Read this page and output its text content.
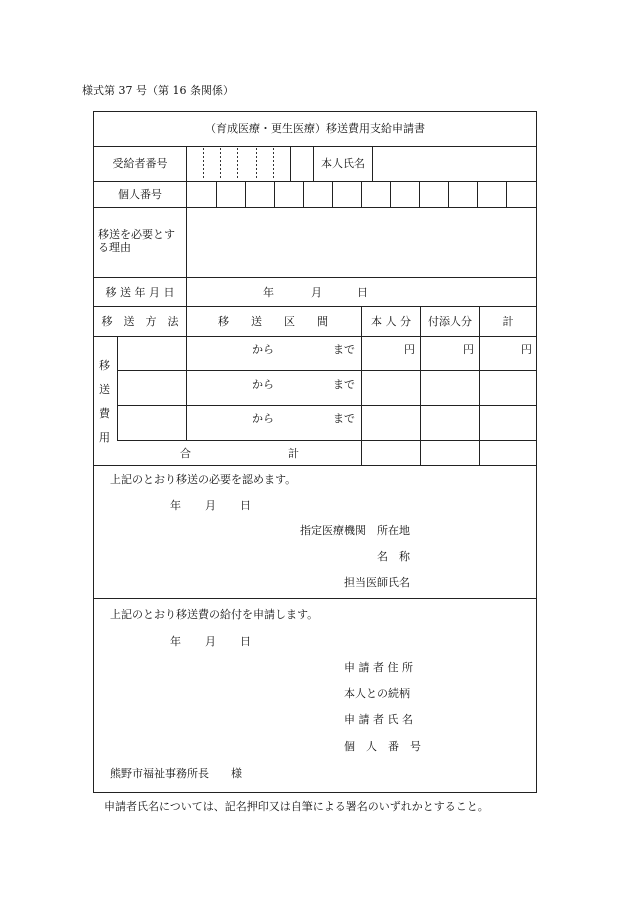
様式第 37 号（第 16 条関係）
（育成医療・更生医療）移送費用支給申請書
受給者番号	本人氏名
個人番号
移送を必要とす
る理由
移 送 年 月 日	年	月	日
移　送　方　法	移　　送　　区　　間	本 人 分 付添人分	計
移
送
費
用
から	まで	円	円	円
から	まで
から	まで
合	計
上記のとおり移送の必要を認めます。
年 月 日
指定医療機関　所在地
名　称
担当医師氏名
上記のとおり移送費の給付を申請します。
年 月 日
申 請 者 住 所
本人との続柄
申 請 者 氏 名
個　人　番　号
熊野市福祉事務所長　　様
申請者氏名については、記名押印又は自筆による署名のいずれかとすること。
